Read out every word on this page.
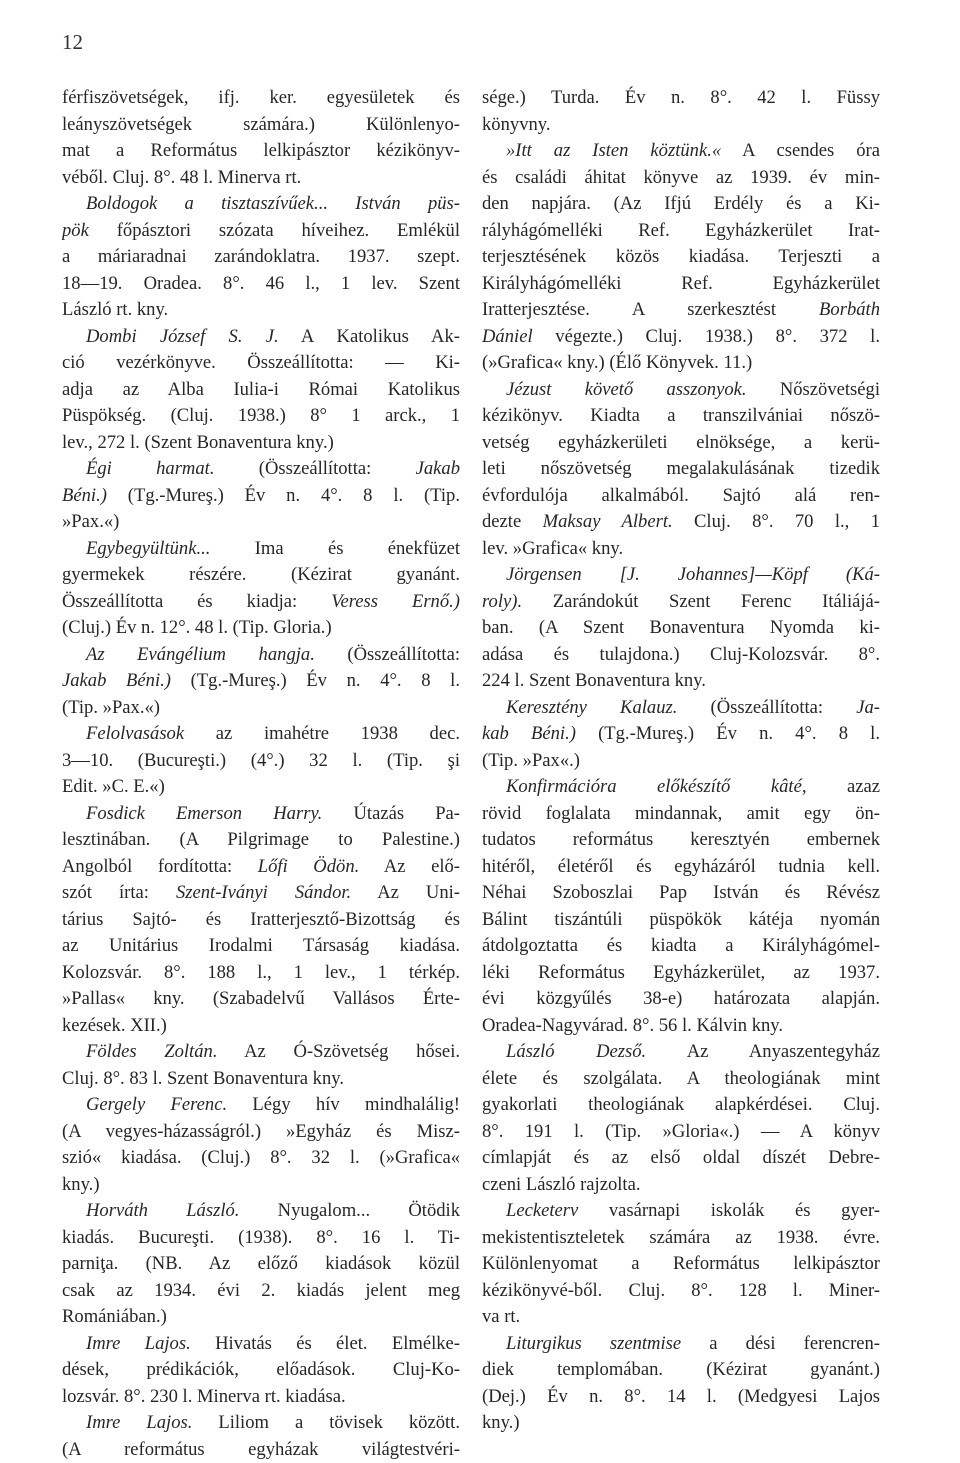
12
férfiszövetségek, ifj. ker. egyesületek és
leányszövetségek számára.) Különlenyo-
mat a Református lelkipásztor kézikönyv-
véből. Cluj. 8°. 48 l. Minerva rt.
Boldogok a tisztaszívűek... István püs-
pök főpásztori szózata híveihez. Emlékül
a máriaradnai zarándoklatra. 1937. szept.
18—19. Oradea. 8°. 46 l., 1 lev. Szent
László rt. kny.
Dombi József S. J. A Katolikus Ak-
ció vezérkönyve. Összeállította: — Ki-
adja az Alba Iulia-i Római Katolikus
Püspökség. (Cluj. 1938.) 8° 1 arck., 1
lev., 272 l. (Szent Bonaventura kny.)
Égi harmat. (Összeállította: Jakab
Béni.) (Tg.-Mureş.) Év n. 4°. 8 l. (Tip.
»Pax.«)
Egybegyültünk... Ima és énekfüzet
gyermekek részére. (Kézirat gyanánt.
Összeállította és kiadja: Veress Ernő.)
(Cluj.) Év n. 12°. 48 l. (Tip. Gloria.)
Az Evángélium hangja. (Összeállította:
Jakab Béni.) (Tg.-Mureş.) Év n. 4°. 8 l.
(Tip. »Pax.«)
Felolvasások az imahétre 1938 dec.
3—10. (Bucureşti.) (4°.) 32 l. (Tip. şi
Edit. »C. E.«)
Fosdick Emerson Harry. Útazás Pa-
lesztinában. (A Pilgrimage to Palestine.)
Angolból fordította: Lőfi Ödön. Az elő-
szót írta: Szent-Iványi Sándor. Az Uni-
tárius Sajtó- és Iratterjesztő-Bizottság és
az Unitárius Irodalmi Társaság kiadása.
Kolozsvár. 8°. 188 l., 1 lev., 1 térkép.
»Pallas« kny. (Szabadelvű Vallásos Érte-
kezések. XII.)
Földes Zoltán. Az Ó-Szövetség hősei.
Cluj. 8°. 83 l. Szent Bonaventura kny.
Gergely Ferenc. Légy hív mindhalálig!
(A vegyes-házasságról.) »Egyház és Misz-
szió« kiadása. (Cluj.) 8°. 32 l. (»Grafica«
kny.)
Horváth László. Nyugalom... Ötödik
kiadás. Bucureşti. (1938). 8°. 16 l. Ti-
parniţa. (NB. Az előző kiadások közül
csak az 1934. évi 2. kiadás jelent meg
Romániában.)
Imre Lajos. Hivatás és élet. Elmélke-
dések, prédikációk, előadások. Cluj-Ko-
lozsvár. 8°. 230 l. Minerva rt. kiadása.
Imre Lajos. Liliom a tövisek között.
(A református egyházak világtestvéri-
sége.) Turda. Év n. 8°. 42 l. Füssy
könyvny.
»Itt az Isten köztünk.« A csendes óra
és családi áhitat könyve az 1939. év min-
den napjára. (Az Ifjú Erdély és a Ki-
rályhágómelléki Ref. Egyházkerület Irat-
terjesztésének közös kiadása. Terjeszti a
Királyhágómelléki Ref. Egyházkerület
Iratterjesztése. A szerkesztést Borbáth
Dániel végezte.) Cluj. 1938.) 8°. 372 l.
(»Grafica« kny.) (Élő Könyvek. 11.)
Jézust követő asszonyok. Nőszövetségi
kézikönyv. Kiadta a transzilvániai nőszö-
vetség egyházkerületi elnöksége, a kerü-
leti nőszövetség megalakulásának tizedik
évfordulója alkalmából. Sajtó alá ren-
dezte Maksay Albert. Cluj. 8°. 70 l., 1
lev. »Grafica« kny.
Jörgensen [J. Johannes]—Köpf (Ká-
roly). Zarándokút Szent Ferenc Itáliájá-
ban. (A Szent Bonaventura Nyomda ki-
adása és tulajdona.) Cluj-Kolozsvár. 8°.
224 l. Szent Bonaventura kny.
Keresztény Kalauz. (Összeállította: Ja-
kab Béni.) (Tg.-Mureş.) Év n. 4°. 8 l.
(Tip. »Pax«.)
Konfirmációra előkészítő kâté, azaz
rövid foglalata mindannak, amit egy ön-
tudatos református keresztyén embernek
hitéről, életéről és egyházáról tudnia kell.
Néhai Szoboszlai Pap István és Révész
Bálint tiszántúli püspökök kátéja nyomán
átdolgoztatta és kiadta a Királyhágómel-
léki Református Egyházkerület, az 1937.
évi közgyűlés 38-e) határozata alapján.
Oradea-Nagyvárad. 8°. 56 l. Kálvin kny.
László Dezső. Az Anyaszentegyház
élete és szolgálata. A theologiának mint
gyakorlati theologiának alapkérdései. Cluj.
8°. 191 l. (Tip. »Gloria«.) — A könyv
címlapját és az első oldal díszét Debre-
czeni László rajzolta.
Lecketerv vasárnapi iskolák és gyer-
mekistentiszteletek számára az 1938. évre.
Különlenyomat a Református lelkipásztor
kézikönyvé-ből. Cluj. 8°. 128 l. Miner-
va rt.
Liturgikus szentmise a dési ferencren-
diek templomában. (Kézirat gyanánt.)
(Dej.) Év n. 8°. 14 l. (Medgyesi Lajos
kny.)
